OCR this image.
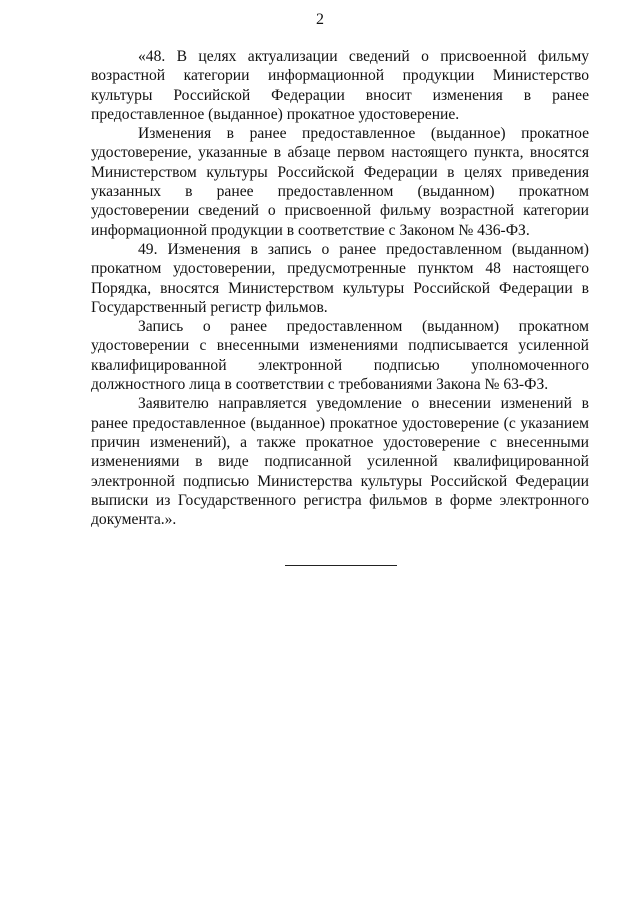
2

«48. В целях актуализации сведений о присвоенной фильму возрастной категории информационной продукции Министерство культуры Российской Федерации вносит изменения в ранее предоставленное (выданное) прокатное удостоверение.

Изменения в ранее предоставленное (выданное) прокатное удостоверение, указанные в абзаце первом настоящего пункта, вносятся Министерством культуры Российской Федерации в целях приведения указанных в ранее предоставленном (выданном) прокатном удостоверении сведений о присвоенной фильму возрастной категории информационной продукции в соответствие с Законом № 436-ФЗ.

49. Изменения в запись о ранее предоставленном (выданном) прокатном удостоверении, предусмотренные пунктом 48 настоящего Порядка, вносятся Министерством культуры Российской Федерации в Государственный регистр фильмов.

Запись о ранее предоставленном (выданном) прокатном удостоверении с внесенными изменениями подписывается усиленной квалифицированной электронной подписью уполномоченного должностного лица в соответствии с требованиями Закона № 63-ФЗ.

Заявителю направляется уведомление о внесении изменений в ранее предоставленное (выданное) прокатное удостоверение (с указанием причин изменений), а также прокатное удостоверение с внесенными изменениями в виде подписанной усиленной квалифицированной электронной подписью Министерства культуры Российской Федерации выписки из Государственного регистра фильмов в форме электронного документа.».
